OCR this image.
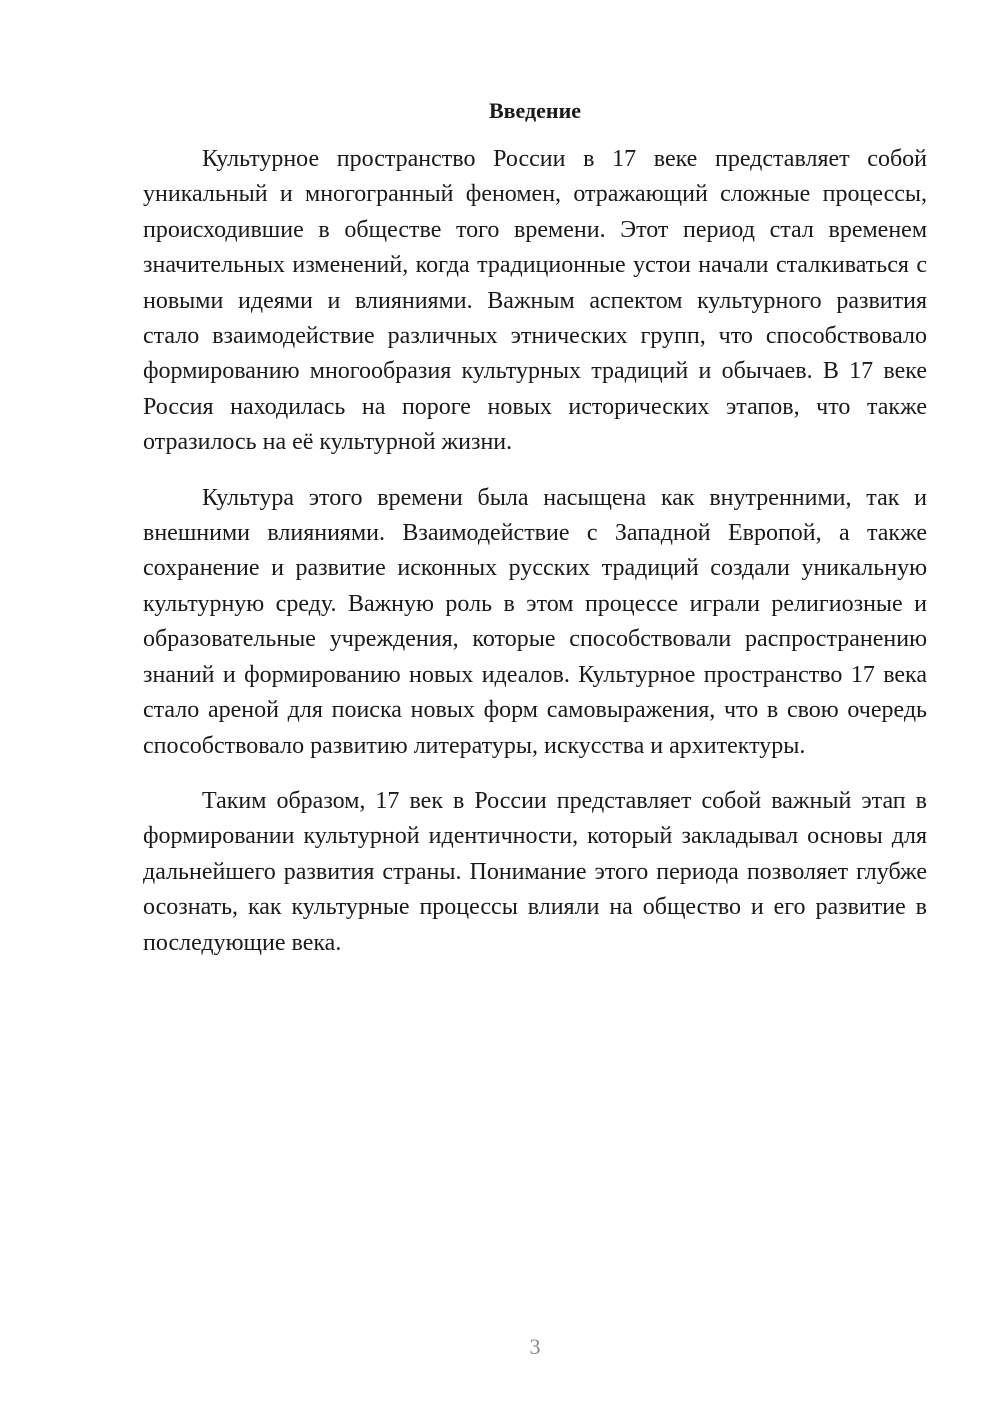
Введение

Культурное пространство России в 17 веке представляет собой уникальный и многогранный феномен, отражающий сложные процессы, происходившие в обществе того времени. Этот период стал временем значительных изменений, когда традиционные устои начали сталкиваться с новыми идеями и влияниями. Важным аспектом культурного развития стало взаимодействие различных этнических групп, что способствовало формированию многообразия культурных традиций и обычаев. В 17 веке Россия находилась на пороге новых исторических этапов, что также отразилось на её культурной жизни.

Культура этого времени была насыщена как внутренними, так и внешними влияниями. Взаимодействие с Западной Европой, а также сохранение и развитие исконных русских традиций создали уникальную культурную среду. Важную роль в этом процессе играли религиозные и образовательные учреждения, которые способствовали распространению знаний и формированию новых идеалов. Культурное пространство 17 века стало ареной для поиска новых форм самовыражения, что в свою очередь способствовало развитию литературы, искусства и архитектуры.

Таким образом, 17 век в России представляет собой важный этап в формировании культурной идентичности, который закладывал основы для дальнейшего развития страны. Понимание этого периода позволяет глубже осознать, как культурные процессы влияли на общество и его развитие в последующие века.

3
